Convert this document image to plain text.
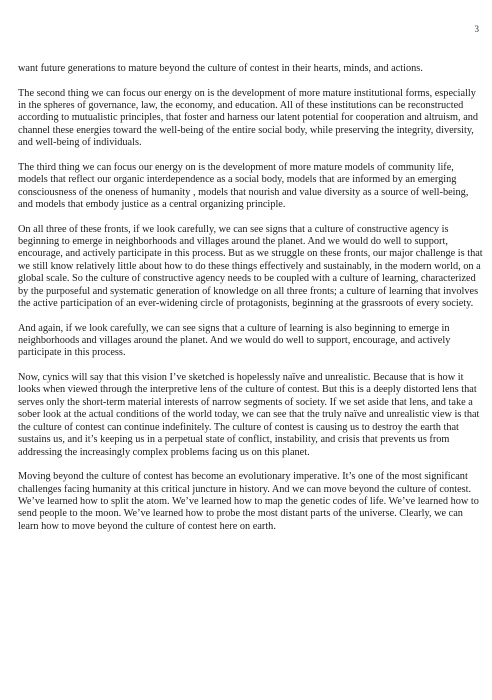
3

want future generations to mature beyond the culture of contest in their hearts, minds, and actions.

The second thing we can focus our energy on is the development of more mature institutional forms, especially in the spheres of governance, law, the economy, and education. All of these institutions can be reconstructed according to mutualistic principles, that foster and harness our latent potential for cooperation and altruism, and channel these energies toward the well-being of the entire social body, while preserving the integrity, diversity, and well-being of individuals.

The third thing we can focus our energy on is the development of more mature models of community life, models that reflect our organic interdependence as a social body, models that are informed by an emerging consciousness of the oneness of humanity , models that nourish and value diversity as a source of well-being, and models that embody justice as a central organizing principle.

On all three of these fronts, if we look carefully, we can see signs that a culture of constructive agency is beginning to emerge in neighborhoods and villages around the planet. And we would do well to support, encourage, and actively participate in this process. But as we struggle on these fronts, our major challenge is that we still know relatively little about how to do these things effectively and sustainably, in the modern world, on a global scale. So the culture of constructive agency needs to be coupled with a culture of learning, characterized by the purposeful and systematic generation of knowledge on all three fronts; a culture of learning that involves the active participation of an ever-widening circle of protagonists, beginning at the grassroots of every society.

And again, if we look carefully, we can see signs that a culture of learning is also beginning to emerge in neighborhoods and villages around the planet. And we would do well to support, encourage, and actively participate in this process.

Now, cynics will say that this vision I’ve sketched is hopelessly naïve and unrealistic. Because that is how it looks when viewed through the interpretive lens of the culture of contest. But this is a deeply distorted lens that serves only the short-term material interests of narrow segments of society. If we set aside that lens, and take a sober look at the actual conditions of the world today, we can see that the truly naïve and unrealistic view is that the culture of contest can continue indefinitely. The culture of contest is causing us to destroy the earth that sustains us, and it’s keeping us in a perpetual state of conflict, instability, and crisis that prevents us from addressing the increasingly complex problems facing us on this planet.

Moving beyond the culture of contest has become an evolutionary imperative. It’s one of the most significant challenges facing humanity at this critical juncture in history. And we can move beyond the culture of contest. We’ve learned how to split the atom. We’ve learned how to map the genetic codes of life. We’ve learned how to send people to the moon. We’ve learned how to probe the most distant parts of the universe. Clearly, we can learn how to move beyond the culture of contest here on earth.
